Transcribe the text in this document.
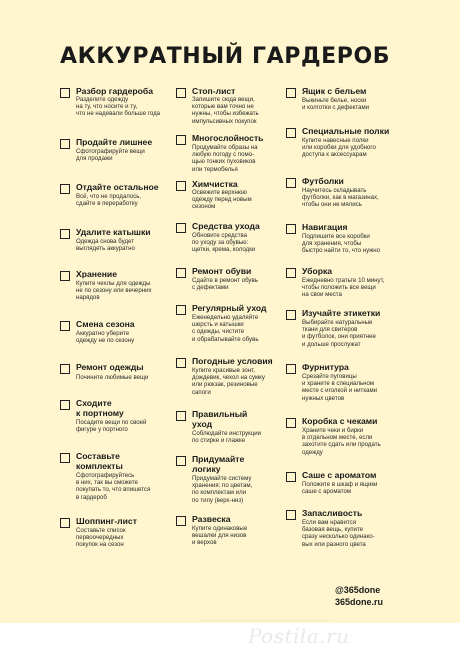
АККУРАТНЫЙ ГАРДЕРОБ
Разбор гардероба
Разделите одежду
на ту, что носите и ту,
что не надевали больше года
Продайте лишнее
Сфотографируйте вещи
для продажи
Отдайте остальное
Всё, что не продалось,
сдайте в переработку
Удалите катышки
Одежда снова будет
выглядеть аккуратно
Хранение
Купите чехлы для одежды
не по сезону или вечерних
нарядов
Смена сезона
Аккуратно уберите
одежду не по сезону
Ремонт одежды
Почините любимые вещи
Сходите
к портному
Посадите вещи по своей
фигуре у портного
Составьте
комплекты
Сфотографируйтесь
в них, так вы сможете
покупать то, что впишется
в гардероб
Шоппинг-лист
Составьте список
первоочередных
покупок на сезон
Стоп-лист
Запишите сюда вещи,
которые вам точно не
нужны, чтобы избежать
импульсивных покупок
Многослойность
Продумайте образы на
любую погоду с помо-
щью тонких пуховиков
или термобелья
Химчистка
Освежите верхнюю
одежду перед новым
сезоном
Средства ухода
Обновите средства
по уходу за обувью:
щетки, крема, колодки
Ремонт обуви
Сдайте в ремонт обувь
с дефектами
Регулярный уход
Еженедельно удаляйте
шерсть и катышки
с одежды, чистите
и обрабатывайте обувь
Погодные условия
Купите красивые зонт,
дождевик, чехол на сумку
или рюкзак, резиновые
сапоги
Правильный
уход
Соблюдайте инструкции
по стирке и глажке
Придумайте
логику
Придумайте систему
хранения: по цветам,
по комплектам или
по типу (верх-низ)
Развеска
Купите одинаковые
вешалки для низов
и верхов
Ящик с бельем
Выкиньте белье, носки
и колготки с дефектами
Специальные полки
Купите навесные полки
или коробки для удобного
доступа к аксессуарам
Футболки
Научитесь складывать
футболки, как в магазинах,
чтобы они не мялись
Навигация
Подпишите все коробки
для хранения, чтобы
быстро найти то, что нужно
Уборка
Ежедневно тратьте 10 минут,
чтобы положить все вещи
на свои места
Изучайте этикетки
Выбирайте натуральные
ткани для свитеров
и футболок, они приятнее
и дольше прослужат
Фурнитура
Срезайте пуговицы
и храните в специальном
месте с иголкой и нитками
нужных цветов
Коробка с чеками
Храните чеки и бирки
в отдельном месте, если
захотите сдать или продать
одежду
Саше с ароматом
Положите в шкаф и ящики
саше с ароматом
Запасливость
Если вам нравится
базовая вещь, купите
сразу несколько одинако-
вых или разного цвета
@365done
365done.ru
Postila.ru
